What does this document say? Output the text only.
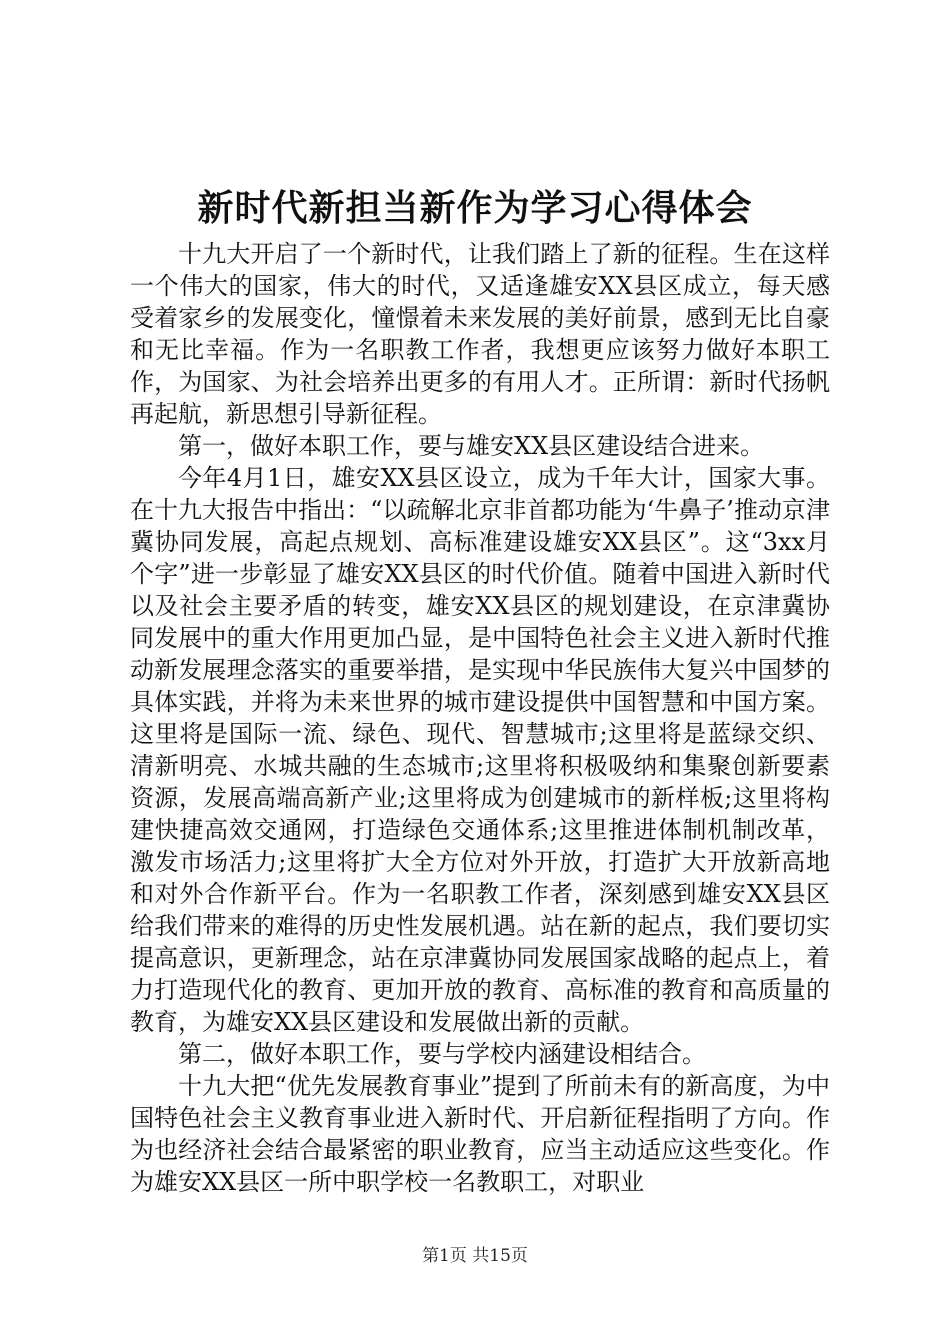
新时代新担当新作为学习心得体会

十九大开启了一个新时代，让我们踏上了新的征程。生在这样一个伟大的国家，伟大的时代，又适逢雄安XX县区成立，每天感受着家乡的发展变化，憧憬着未来发展的美好前景，感到无比自豪和无比幸福。作为一名职教工作者，我想更应该努力做好本职工作，为国家、为社会培养出更多的有用人才。正所谓：新时代扬帆再起航，新思想引导新征程。

第一，做好本职工作，要与雄安XX县区建设结合进来。

今年4月1日，雄安XX县区设立，成为千年大计，国家大事。在十九大报告中指出：“以疏解北京非首都功能为‘牛鼻子’推动京津冀协同发展，高起点规划、高标准建设雄安XX县区”。这“3xx月个字”进一步彰显了雄安XX县区的时代价值。随着中国进入新时代以及社会主要矛盾的转变，雄安XX县区的规划建设，在京津冀协同发展中的重大作用更加凸显，是中国特色社会主义进入新时代推动新发展理念落实的重要举措，是实现中华民族伟大复兴中国梦的具体实践，并将为未来世界的城市建设提供中国智慧和中国方案。这里将是国际一流、绿色、现代、智慧城市;这里将是蓝绿交织、清新明亮、水城共融的生态城市;这里将积极吸纳和集聚创新要素资源，发展高端高新产业;这里将成为创建城市的新样板;这里将构建快捷高效交通网，打造绿色交通体系;这里推进体制机制改革，激发市场活力;这里将扩大全方位对外开放，打造扩大开放新高地和对外合作新平台。作为一名职教工作者，深刻感到雄安XX县区给我们带来的难得的历史性发展机遇。站在新的起点，我们要切实提高意识，更新理念，站在京津冀协同发展国家战略的起点上，着力打造现代化的教育、更加开放的教育、高标准的教育和高质量的教育，为雄安XX县区建设和发展做出新的贡献。

第二，做好本职工作，要与学校内涵建设相结合。

十九大把“优先发展教育事业”提到了所前未有的新高度，为中国特色社会主义教育事业进入新时代、开启新征程指明了方向。作为也经济社会结合最紧密的职业教育，应当主动适应这些变化。作为雄安XX县区一所中职学校一名教职工，对职业

第1页 共15页
